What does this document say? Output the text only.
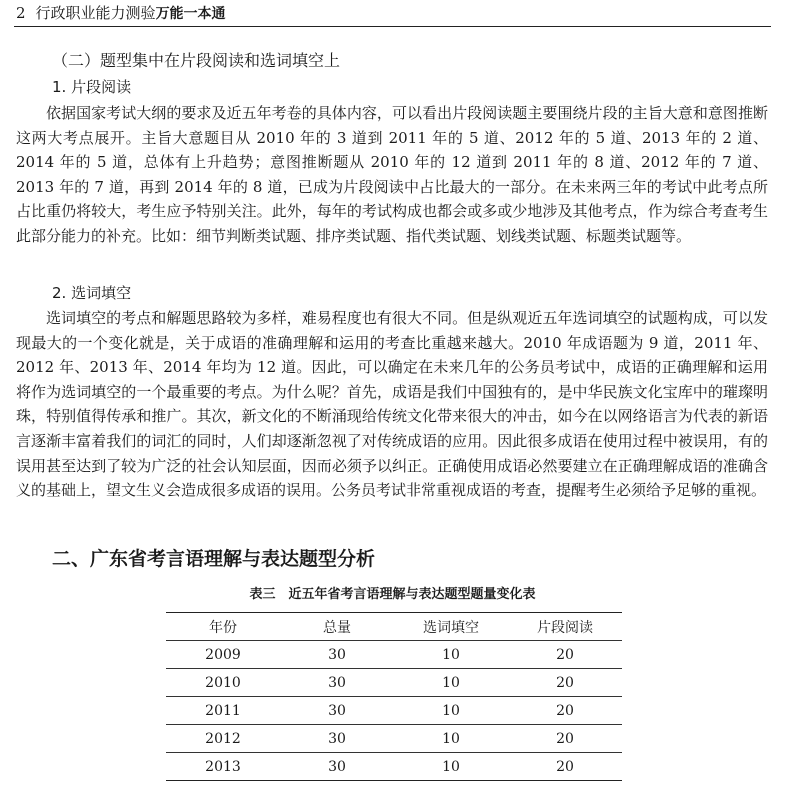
2 行政职业能力测验万能一本通
（二）题型集中在片段阅读和选词填空上
1. 片段阅读

依据国家考试大纲的要求及近五年考卷的具体内容，可以看出片段阅读题主要围绕片段的主旨大意和意图推断这两大考点展开。主旨大意题目从 2010 年的 3 道到 2011 年的 5 道、2012 年的 5 道、2013 年的 2 道、2014 年的 5 道，总体有上升趋势；意图推断题从 2010 年的 12 道到 2011 年的 8 道、2012 年的 7 道、2013 年的 7 道，再到 2014 年的 8 道，已成为片段阅读中占比最大的一部分。在未来两三年的考试中此考点所占比重仍将较大，考生应予特别关注。此外，每年的考试构成也都会或多或少地涉及其他考点，作为综合考查考生此部分能力的补充。比如：细节判断类试题、排序类试题、指代类试题、划线类试题、标题类试题等。

2. 选词填空

选词填空的考点和解题思路较为多样，难易程度也有很大不同。但是纵观近五年选词填空的试题构成，可以发现最大的一个变化就是，关于成语的准确理解和运用的考查比重越来越大。2010 年成语题为 9 道，2011 年、2012 年、2013 年、2014 年均为 12 道。因此，可以确定在未来几年的公务员考试中，成语的正确理解和运用将作为选词填空的一个最重要的考点。为什么呢？首先，成语是我们中国独有的，是中华民族文化宝库中的璀璨明珠，特别值得传承和推广。其次，新文化的不断涌现给传统文化带来很大的冲击，如今在以网络语言为代表的新语言逐渐丰富着我们的词汇的同时，人们却逐渐忽视了对传统成语的应用。因此很多成语在使用过程中被误用，有的误用甚至达到了较为广泛的社会认知层面，因而必须予以纠正。正确使用成语必然要建立在正确理解成语的准确含义的基础上，望文生义会造成很多成语的误用。公务员考试非常重视成语的考查，提醒考生必须给予足够的重视。

二、广东省考言语理解与表达题型分析
表三　近五年省考言语理解与表达题型题量变化表
年份	总量	选词填空	片段阅读
2009	30	10	20
2010	30	10	20
2011	30	10	20
2012	30	10	20
2013	30	10	20
